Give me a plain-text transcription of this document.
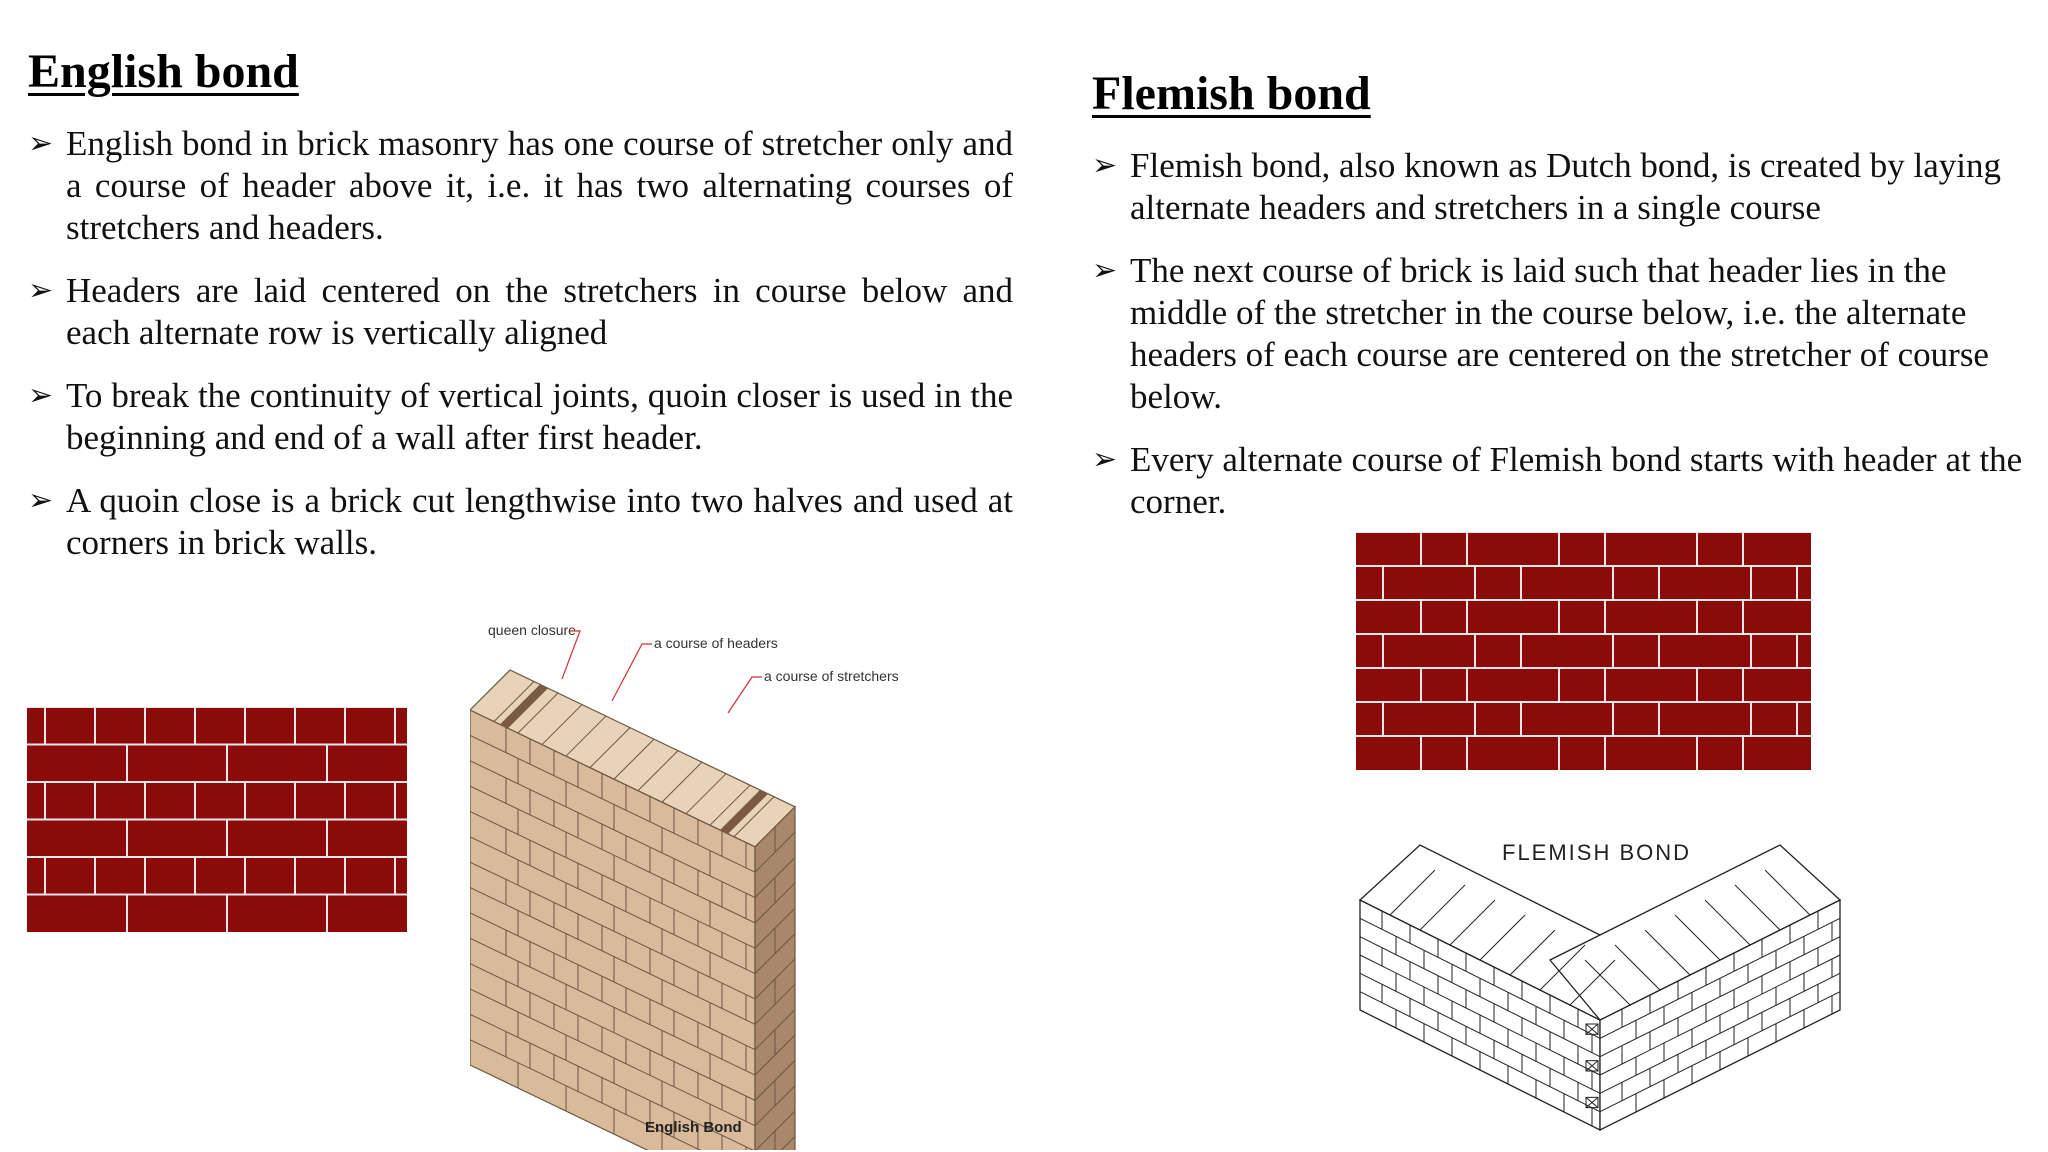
English bond
➢ English bond in brick masonry has one course of stretcher only and a course of header above it, i.e. it has two alternating courses of stretchers and headers.
➢ Headers are laid centered on the stretchers in course below and each alternate row is vertically aligned
➢ To break the continuity of vertical joints, quoin closer is used in the beginning and end of a wall after first header.
➢ A quoin close is a brick cut lengthwise into two halves and used at corners in brick walls.
queen closure
a course of headers
a course of stretchers
English Bond
Flemish bond
➢ Flemish bond, also known as Dutch bond, is created by laying alternate headers and stretchers in a single course
➢ The next course of brick is laid such that header lies in the middle of the stretcher in the course below, i.e. the alternate headers of each course are centered on the stretcher of course below.
➢ Every alternate course of Flemish bond starts with header at the corner.
FLEMISH BOND
